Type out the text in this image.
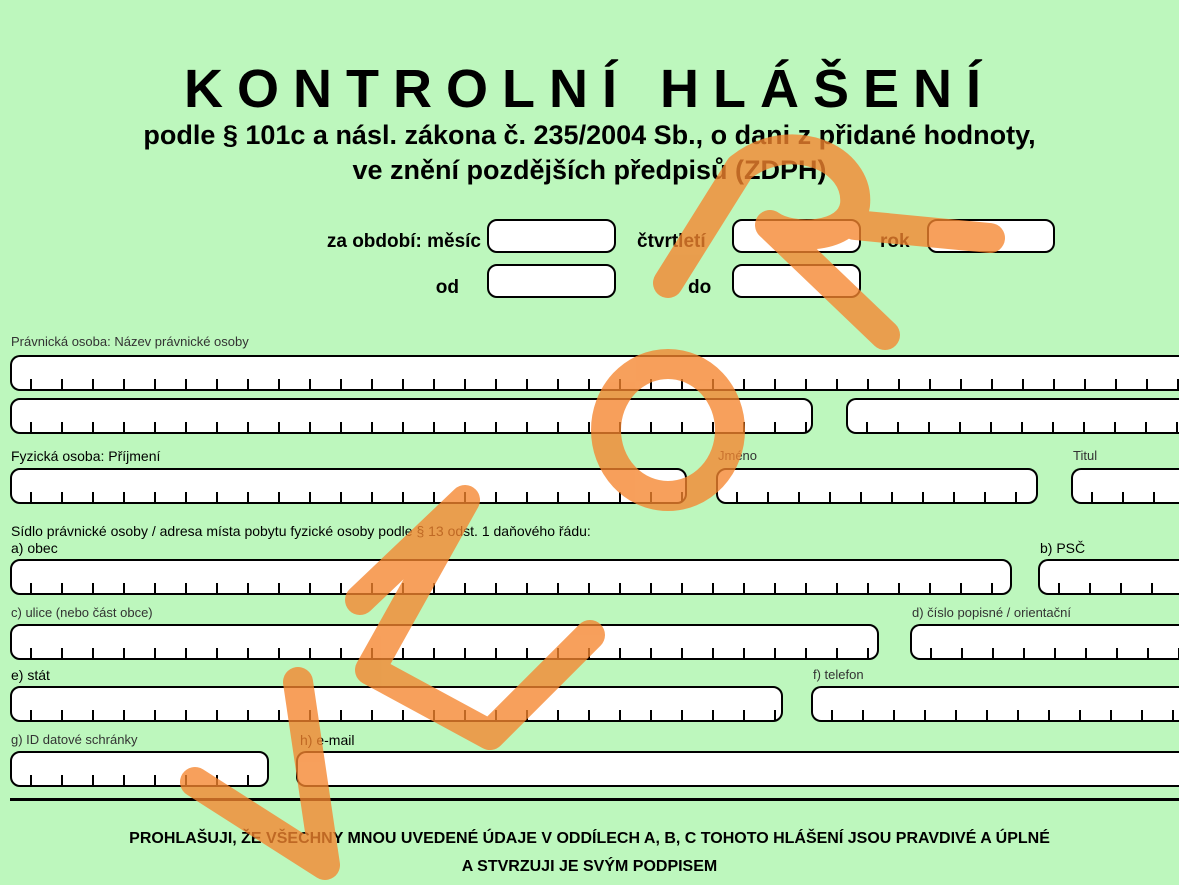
KONTROLNÍ HLÁŠENÍ
podle § 101c a násl. zákona č. 235/2004 Sb., o dani z přidané hodnoty,
ve znění pozdějších předpisů (ZDPH)
za období: měsíc	čtvrtletí	rok
od	do
Právnická osoba: Název právnické osoby
Fyzická osoba: Příjmení	Jméno	Titul
Sídlo právnické osoby / adresa místa pobytu fyzické osoby podle § 13 odst. 1 daňového řádu:
a) obec	b) PSČ
c) ulice (nebo část obce)	d) číslo popisné / orientační
e) stát	f) telefon
g) ID datové schránky	h) e-mail
PROHLAŠUJI, ŽE VŠECHNY MNOU UVEDENÉ ÚDAJE V ODDÍLECH A, B, C TOHOTO HLÁŠENÍ JSOU PRAVDIVÉ A ÚPLNÉ
A STVRZUJI JE SVÝM PODPISEM
